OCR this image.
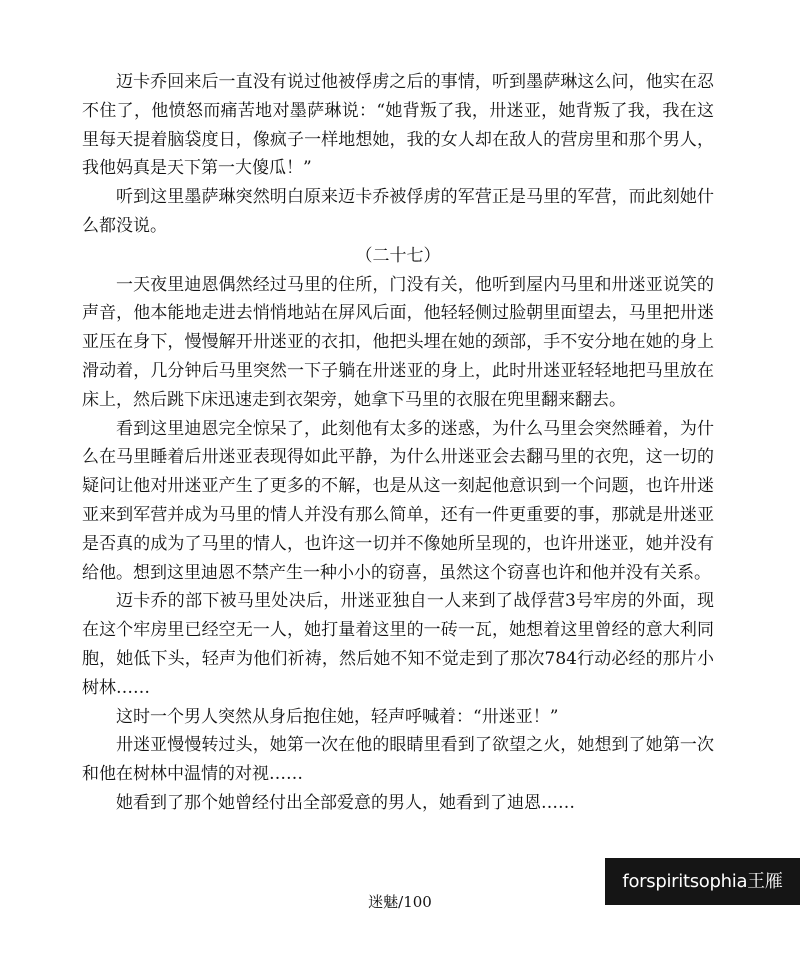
迈卡乔回来后一直没有说过他被俘虏之后的事情，听到墨萨琳这么问，他实在忍不住了，他愤怒而痛苦地对墨萨琳说：“她背叛了我，卅迷亚，她背叛了我，我在这里每天提着脑袋度日，像疯子一样地想她，我的女人却在敌人的营房里和那个男人，我他妈真是天下第一大傻瓜！”

听到这里墨萨琳突然明白原来迈卡乔被俘虏的军营正是马里的军营，而此刻她什么都没说。

（二十七）

一天夜里迪恩偶然经过马里的住所，门没有关，他听到屋内马里和卅迷亚说笑的声音，他本能地走进去悄悄地站在屏风后面，他轻轻侧过脸朝里面望去，马里把卅迷亚压在身下，慢慢解开卅迷亚的衣扣，他把头埋在她的颈部，手不安分地在她的身上滑动着，几分钟后马里突然一下子躺在卅迷亚的身上，此时卅迷亚轻轻地把马里放在床上，然后跳下床迅速走到衣架旁，她拿下马里的衣服在兜里翻来翻去。

看到这里迪恩完全惊呆了，此刻他有太多的迷惑，为什么马里会突然睡着，为什么在马里睡着后卅迷亚表现得如此平静，为什么卅迷亚会去翻马里的衣兜，这一切的疑问让他对卅迷亚产生了更多的不解，也是从这一刻起他意识到一个问题，也许卅迷亚来到军营并成为马里的情人并没有那么简单，还有一件更重要的事，那就是卅迷亚是否真的成为了马里的情人，也许这一切并不像她所呈现的，也许卅迷亚，她并没有给他。想到这里迪恩不禁产生一种小小的窃喜，虽然这个窃喜也许和他并没有关系。

迈卡乔的部下被马里处决后，卅迷亚独自一人来到了战俘营3号牢房的外面，现在这个牢房里已经空无一人，她打量着这里的一砖一瓦，她想着这里曾经的意大利同胞，她低下头，轻声为他们祈祷，然后她不知不觉走到了那次784行动必经的那片小树林……

这时一个男人突然从身后抱住她，轻声呼喊着：“卅迷亚！”

卅迷亚慢慢转过头，她第一次在他的眼睛里看到了欲望之火，她想到了她第一次和他在树林中温情的对视……

她看到了那个她曾经付出全部爱意的男人，她看到了迪恩……

迷魅/100
forspiritsophia王雁
